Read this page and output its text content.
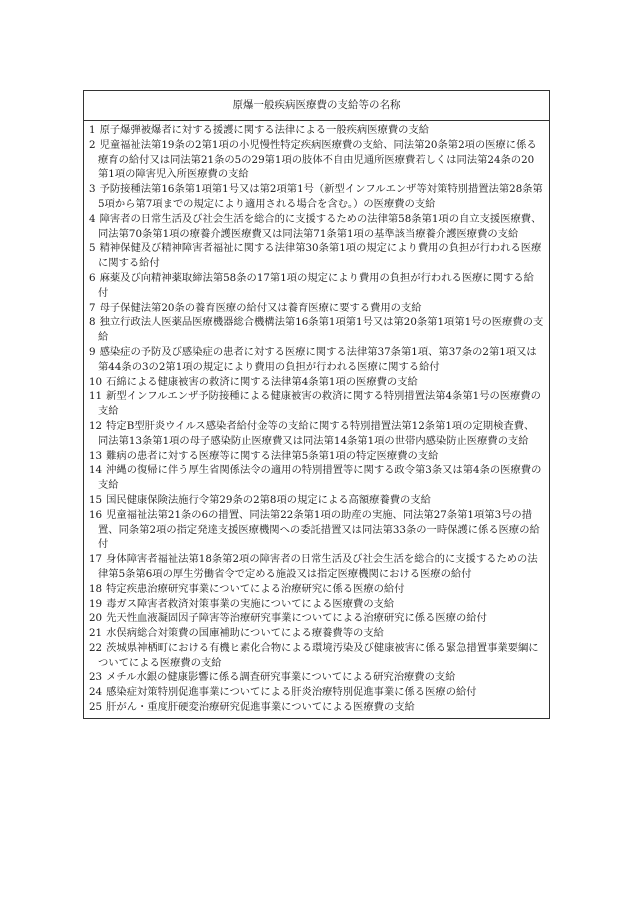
原爆一般疾病医療費の支給等の名称

1 原子爆弾被爆者に対する援護に関する法律による一般疾病医療費の支給

2 児童福祉法第19条の2第1項の小児慢性特定疾病医療費の支給、同法第20条第2項の医療に係る療育の給付又は同法第21条の5の29第1項の肢体不自由児通所医療費若しくは同法第24条の20第1項の障害児入所医療費の支給

3 予防接種法第16条第1項第1号又は第2項第1号（新型インフルエンザ等対策特別措置法第28条第5項から第7項までの規定により適用される場合を含む。）の医療費の支給

4 障害者の日常生活及び社会生活を総合的に支援するための法律第58条第1項の自立支援医療費、同法第70条第1項の療養介護医療費又は同法第71条第1項の基準該当療養介護医療費の支給

5 精神保健及び精神障害者福祉に関する法律第30条第1項の規定により費用の負担が行われる医療に関する給付

6 麻薬及び向精神薬取締法第58条の17第1項の規定により費用の負担が行われる医療に関する給付

7 母子保健法第20条の養育医療の給付又は養育医療に要する費用の支給

8 独立行政法人医薬品医療機器総合機構法第16条第1項第1号又は第20条第1項第1号の医療費の支給

9 感染症の予防及び感染症の患者に対する医療に関する法律第37条第1項、第37条の2第1項又は第44条の3の2第1項の規定により費用の負担が行われる医療に関する給付

10 石綿による健康被害の救済に関する法律第4条第1項の医療費の支給

11 新型インフルエンザ予防接種による健康被害の救済に関する特別措置法第4条第1号の医療費の支給

12 特定B型肝炎ウイルス感染者給付金等の支給に関する特別措置法第12条第1項の定期検査費、同法第13条第1項の母子感染防止医療費又は同法第14条第1項の世帯内感染防止医療費の支給

13 難病の患者に対する医療等に関する法律第5条第1項の特定医療費の支給

14 沖縄の復帰に伴う厚生省関係法令の適用の特別措置等に関する政令第3条又は第4条の医療費の支給

15 国民健康保険法施行令第29条の2第8項の規定による高額療養費の支給

16 児童福祉法第21条の6の措置、同法第22条第1項の助産の実施、同法第27条第1項第3号の措置、同条第2項の指定発達支援医療機関への委託措置又は同法第33条の一時保護に係る医療の給付

17 身体障害者福祉法第18条第2項の障害者の日常生活及び社会生活を総合的に支援するための法律第5条第6項の厚生労働省令で定める施設又は指定医療機関における医療の給付

18 特定疾患治療研究事業についてによる治療研究に係る医療の給付

19 毒ガス障害者救済対策事業の実施についてによる医療費の支給

20 先天性血液凝固因子障害等治療研究事業についてによる治療研究に係る医療の給付

21 水俣病総合対策費の国庫補助についてによる療養費等の支給

22 茨城県神栖町における有機ヒ素化合物による環境汚染及び健康被害に係る緊急措置事業要綱についてによる医療費の支給

23 メチル水銀の健康影響に係る調査研究事業についてによる研究治療費の支給

24 感染症対策特別促進事業についてによる肝炎治療特別促進事業に係る医療の給付

25 肝がん・重度肝硬変治療研究促進事業についてによる医療費の支給
